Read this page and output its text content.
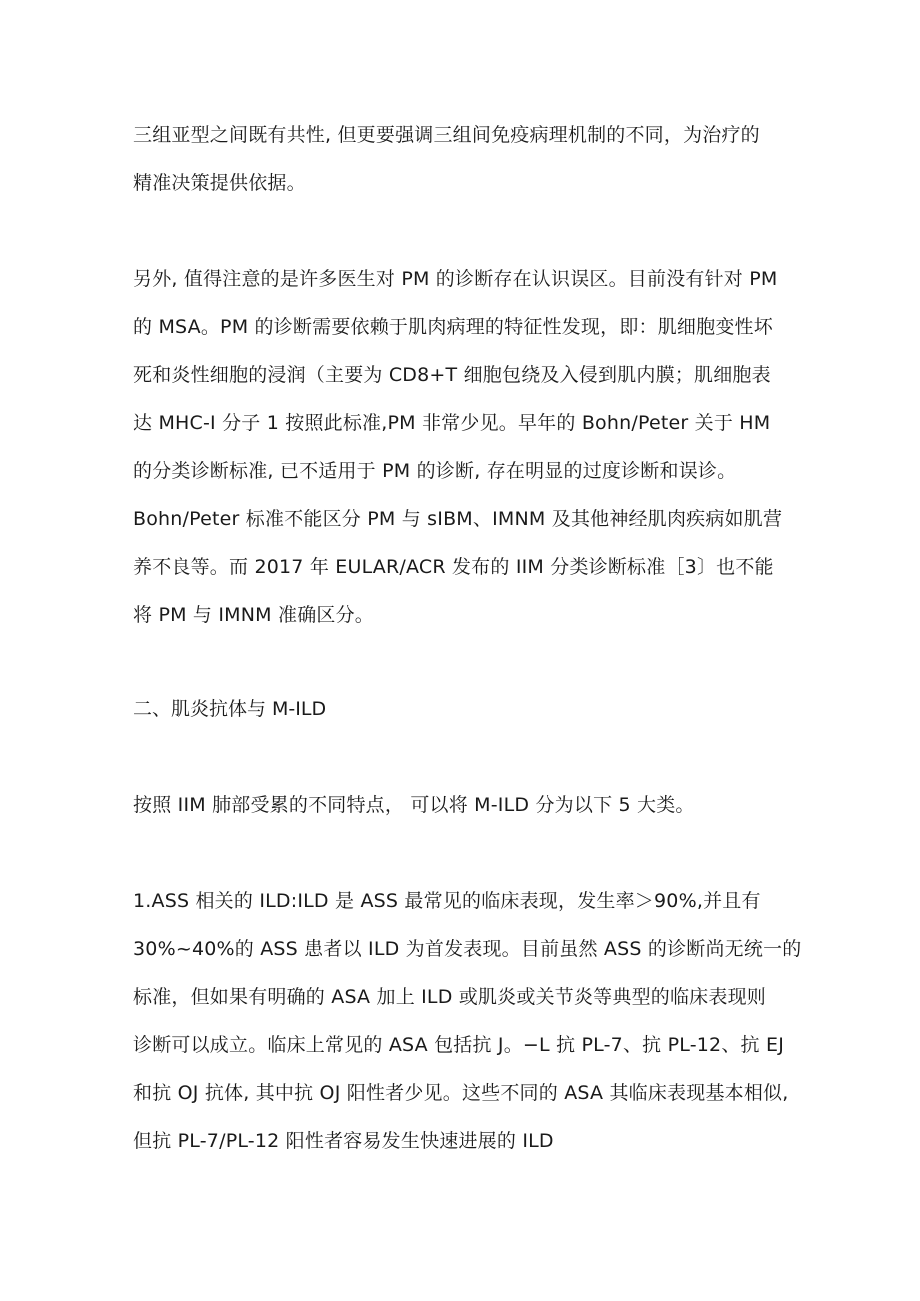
三组亚型之间既有共性, 但更要强调三组间免疫病理机制的不同，为治疗的
精准决策提供依据。

另外, 值得注意的是许多医生对 PM 的诊断存在认识误区。目前没有针对 PM
的 MSA。PM 的诊断需要依赖于肌肉病理的特征性发现，即：肌细胞变性坏
死和炎性细胞的浸润（主要为 CD8+T 细胞包绕及入侵到肌内膜；肌细胞表
达 MHC-I 分子 1 按照此标准,PM 非常少见。早年的 Bohn/Peter 关于 HM
的分类诊断标准, 已不适用于 PM 的诊断, 存在明显的过度诊断和误诊。
Bohn/Peter 标准不能区分 PM 与 sIBM、IMNM 及其他神经肌肉疾病如肌营
养不良等。而 2017 年 EULAR/ACR 发布的 IIM 分类诊断标准［3〕也不能
将 PM 与 IMNM 准确区分。

二、肌炎抗体与 M-ILD

按照 IIM 肺部受累的不同特点， 可以将 M-ILD 分为以下 5 大类。

1.ASS 相关的 ILD:ILD 是 ASS 最常见的临床表现，发生率＞90%,并且有
30%~40%的 ASS 患者以 ILD 为首发表现。目前虽然 ASS 的诊断尚无统一的
标准，但如果有明确的 ASA 加上 ILD 或肌炎或关节炎等典型的临床表现则
诊断可以成立。临床上常见的 ASA 包括抗 J。−L 抗 PL-7、抗 PL-12、抗 EJ
和抗 OJ 抗体, 其中抗 OJ 阳性者少见。这些不同的 ASA 其临床表现基本相似,
但抗 PL-7/PL-12 阳性者容易发生快速进展的 ILD
